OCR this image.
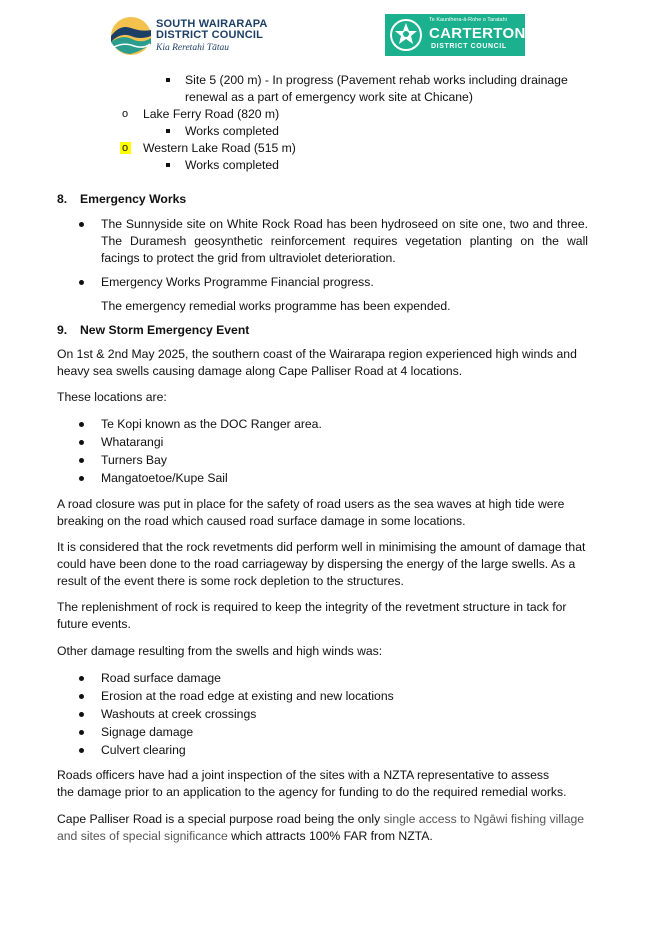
SOUTH WAIRARAPA
DISTRICT COUNCIL
Kia Reretahi Tātau
Te Kaunihera-ā-Rohe o Taratahi
CARTERTON
DISTRICT COUNCIL
Site 5 (200 m) - In progress (Pavement rehab works including drainage
renewal as a part of emergency work site at Chicane)
o Lake Ferry Road (820 m)
Works completed
o Western Lake Road (515 m)
Works completed
8. Emergency Works
The Sunnyside site on White Rock Road has been hydroseed on site one, two and three. The Duramesh geosynthetic reinforcement requires vegetation planting on the wall facings to protect the grid from ultraviolet deterioration.
Emergency Works Programme Financial progress.
The emergency remedial works programme has been expended.
9. New Storm Emergency Event
On 1st & 2nd May 2025, the southern coast of the Wairarapa region experienced high winds and heavy sea swells causing damage along Cape Palliser Road at 4 locations.
These locations are:
Te Kopi known as the DOC Ranger area.
Whatarangi
Turners Bay
Mangatoetoe/Kupe Sail
A road closure was put in place for the safety of road users as the sea waves at high tide were breaking on the road which caused road surface damage in some locations.
It is considered that the rock revetments did perform well in minimising the amount of damage that could have been done to the road carriageway by dispersing the energy of the large swells. As a result of the event there is some rock depletion to the structures.
The replenishment of rock is required to keep the integrity of the revetment structure in tack for future events.
Other damage resulting from the swells and high winds was:
Road surface damage
Erosion at the road edge at existing and new locations
Washouts at creek crossings
Signage damage
Culvert clearing
Roads officers have had a joint inspection of the sites with a NZTA representative to assess the damage prior to an application to the agency for funding to do the required remedial works.
Cape Palliser Road is a special purpose road being the only single access to Ngāwi fishing village and sites of special significance which attracts 100% FAR from NZTA.
